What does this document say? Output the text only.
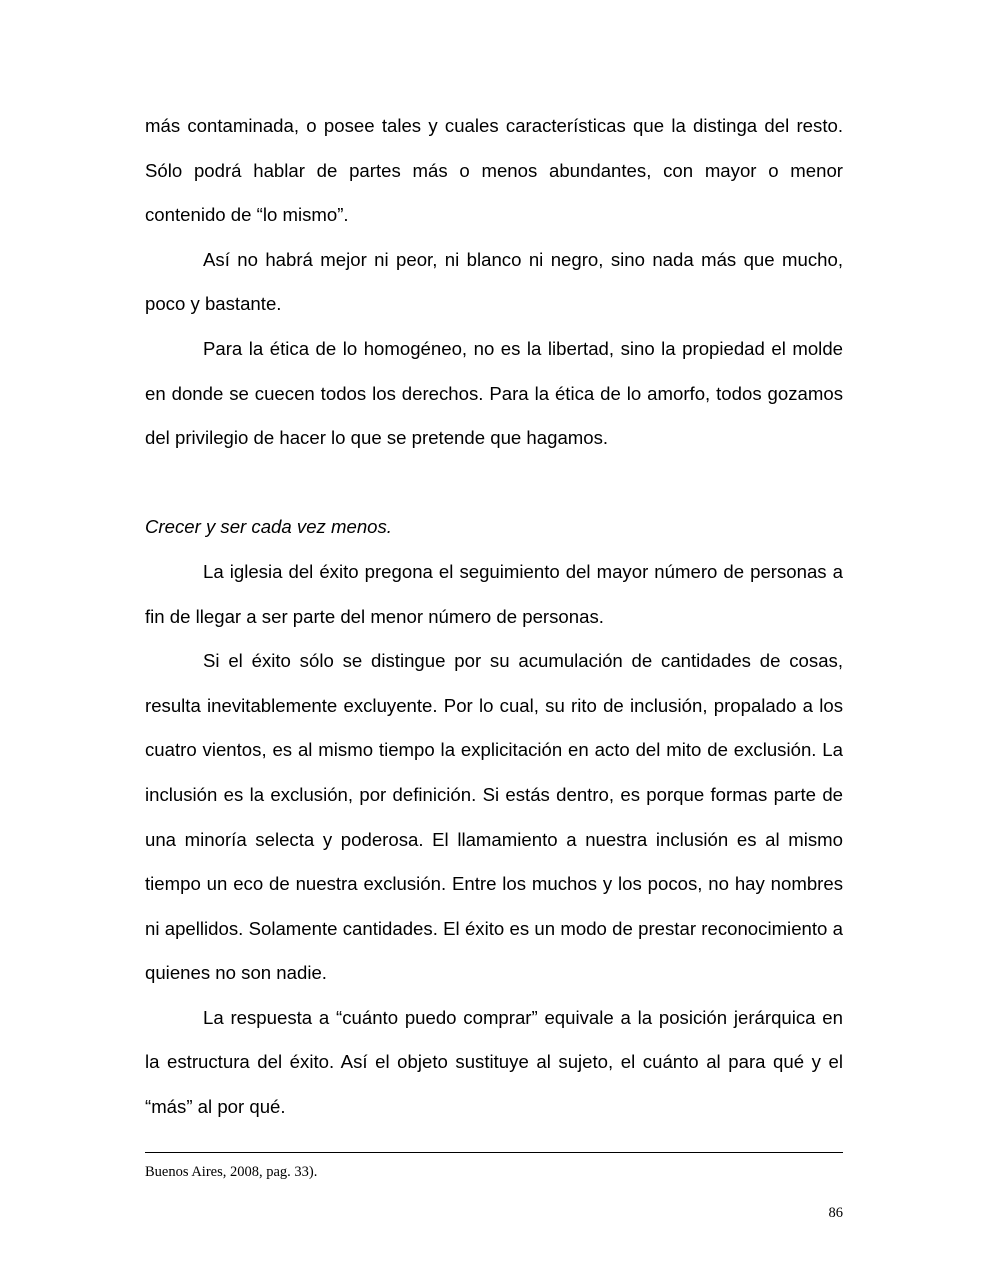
más contaminada, o posee tales y cuales características que la distinga del resto. Sólo podrá hablar de partes más o menos abundantes, con mayor o menor contenido de “lo mismo”.

Así no habrá mejor ni peor, ni blanco ni negro, sino nada más que mucho, poco y bastante.

Para la ética de lo homogéneo, no es la libertad, sino la propiedad el molde en donde se cuecen todos los derechos. Para la ética de lo amorfo, todos gozamos del privilegio de hacer lo que se pretende que hagamos.

Crecer y ser cada vez menos.

La iglesia del éxito pregona el seguimiento del mayor número de personas a fin de llegar a ser parte del menor número de personas.

Si el éxito sólo se distingue por su acumulación de cantidades de cosas, resulta inevitablemente excluyente. Por lo cual, su rito de inclusión, propalado a los cuatro vientos, es al mismo tiempo la explicitación en acto del mito de exclusión. La inclusión es la exclusión, por definición. Si estás dentro, es porque formas parte de una minoría selecta y poderosa. El llamamiento a nuestra inclusión es al mismo tiempo un eco de nuestra exclusión. Entre los muchos y los pocos, no hay nombres ni apellidos. Solamente cantidades. El éxito es un modo de prestar reconocimiento a quienes no son nadie.

La respuesta a “cuánto puedo comprar” equivale a la posición jerárquica en la estructura del éxito. Así el objeto sustituye al sujeto, el cuánto al para qué y el “más” al por qué.

Buenos Aires, 2008, pag. 33).

86
